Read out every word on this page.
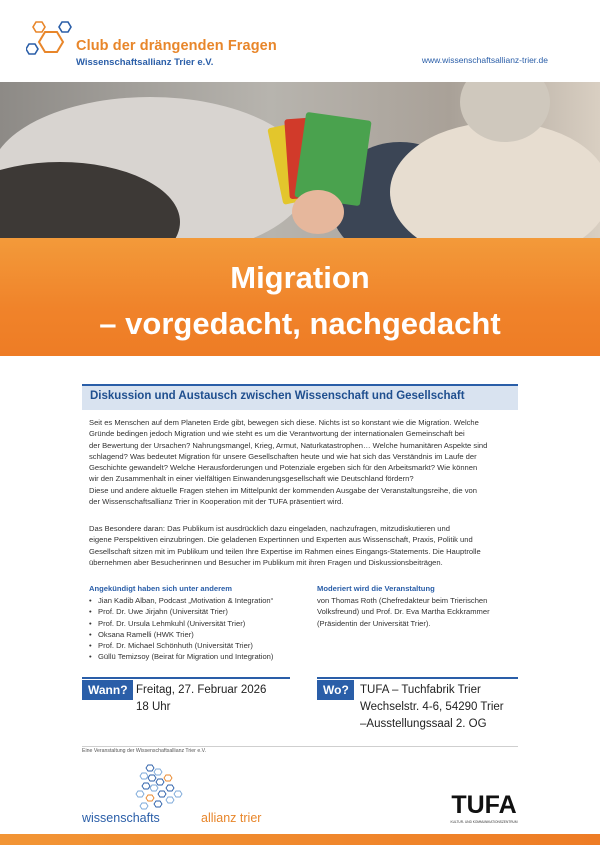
Club der drängenden Fragen
Wissenschaftsallianz Trier e.V.	www.wissenschaftsallianz-trier.de
Migration
– vorgedacht, nachgedacht
Diskussion und Austausch zwischen Wissenschaft und Gesellschaft
Seit es Menschen auf dem Planeten Erde gibt, bewegen sich diese. Nichts ist so konstant wie die Migration. Welche
Gründe bedingen jedoch Migration und wie steht es um die Verantwortung der internationalen Gemeinschaft bei
der Bewertung der Ursachen? Nahrungsmangel, Krieg, Armut, Naturkatastrophen… Welche humanitären Aspekte sind
schlagend? Was bedeutet Migration für unsere Gesellschaften heute und wie hat sich das Verständnis im Laufe der
Geschichte gewandelt? Welche Herausforderungen und Potenziale ergeben sich für den Arbeitsmarkt? Wie können
wir den Zusammenhalt in einer vielfältigen Einwanderungsgesellschaft wie Deutschland fördern?
Diese und andere aktuelle Fragen stehen im Mittelpunkt der kommenden Ausgabe der Veranstaltungsreihe, die von
der Wissenschaftsallianz Trier in Kooperation mit der TUFA präsentiert wird.
Das Besondere daran: Das Publikum ist ausdrücklich dazu eingeladen, nachzufragen, mitzudiskutieren und
eigene Perspektiven einzubringen. Die geladenen Expertinnen und Experten aus Wissenschaft, Praxis, Politik und
Gesellschaft sitzen mit im Publikum und teilen Ihre Expertise im Rahmen eines Eingangs-Statements. Die Hauptrolle
übernehmen aber Besucherinnen und Besucher im Publikum mit ihren Fragen und Diskussionsbeiträgen.
Angekündigt haben sich unter anderem
• Jian Kadib Alban, Podcast „Motivation & Integration“
• Prof. Dr. Uwe Jirjahn (Universität Trier)
• Prof. Dr. Ursula Lehmkuhl (Universität Trier)
• Oksana Ramelli (HWK Trier)
• Prof. Dr. Michael Schönhuth (Universität Trier)
• Güllü Temizsoy (Beirat für Migration und Integration)
Moderiert wird die Veranstaltung
von Thomas Roth (Chefredakteur beim Trierischen
Volksfreund) und Prof. Dr. Eva Martha Eckkrammer
(Präsidentin der Universität Trier).
Wann? Freitag, 27. Februar 2026
18 Uhr
Wo? TUFA – Tuchfabrik Trier
Wechselstr. 4-6, 54290 Trier
–Ausstellungssaal 2. OG
Eine Veranstaltung der Wissenschaftsallianz Trier e.V.
wissenschafts	allianz trier	TUFA
KULTUR- UND KOMMUNIKATIONSZENTRUM
